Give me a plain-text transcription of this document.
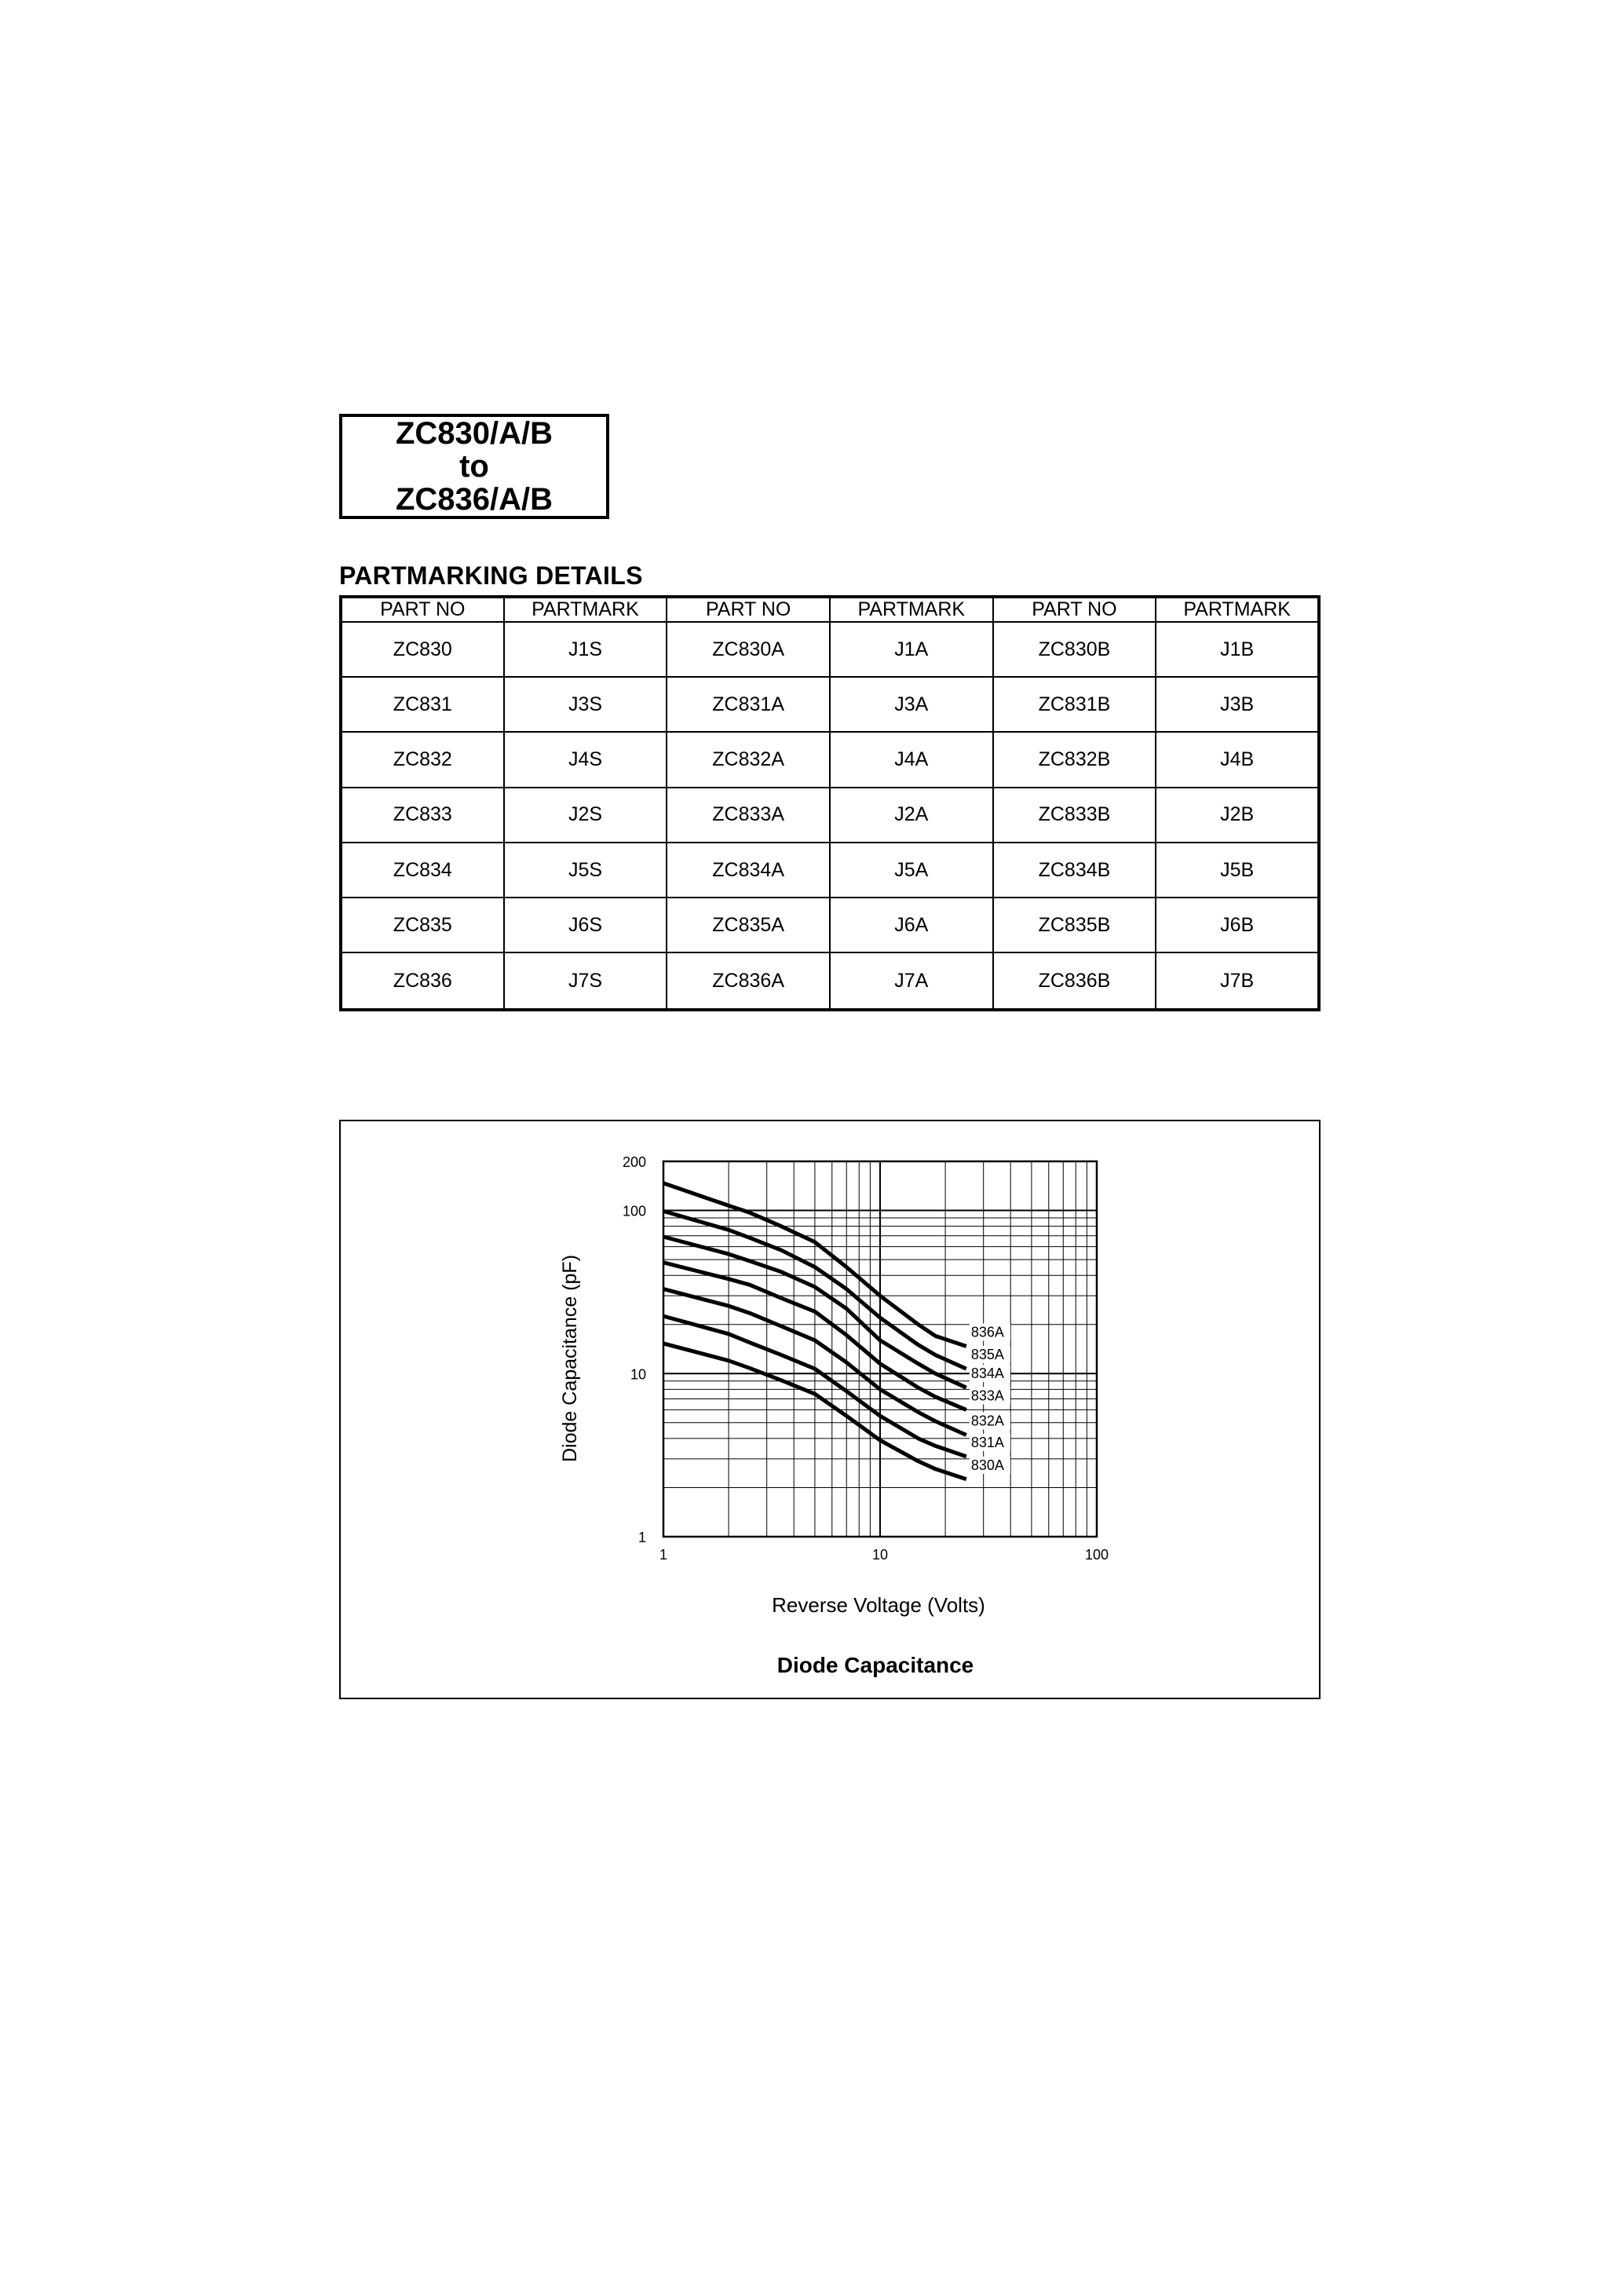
ZC830/A/B
to
ZC836/A/B
PARTMARKING DETAILS
PART NO	PARTMARK	PART NO	PARTMARK	PART NO	PARTMARK
ZC830	J1S	ZC830A	J1A	ZC830B	J1B
ZC831	J3S	ZC831A	J3A	ZC831B	J3B
ZC832	J4S	ZC832A	J4A	ZC832B	J4B
ZC833	J2S	ZC833A	J2A	ZC833B	J2B
ZC834	J5S	ZC834A	J5A	ZC834B	J5B
ZC835	J6S	ZC835A	J6A	ZC835B	J6B
ZC836	J7S	ZC836A	J7A	ZC836B	J7B
1
10
100
200
1	10	100
836A
835A
834A
833A
832A
831A
830A
Diode Capacitance (pF)
Reverse Voltage (Volts)
Diode Capacitance
